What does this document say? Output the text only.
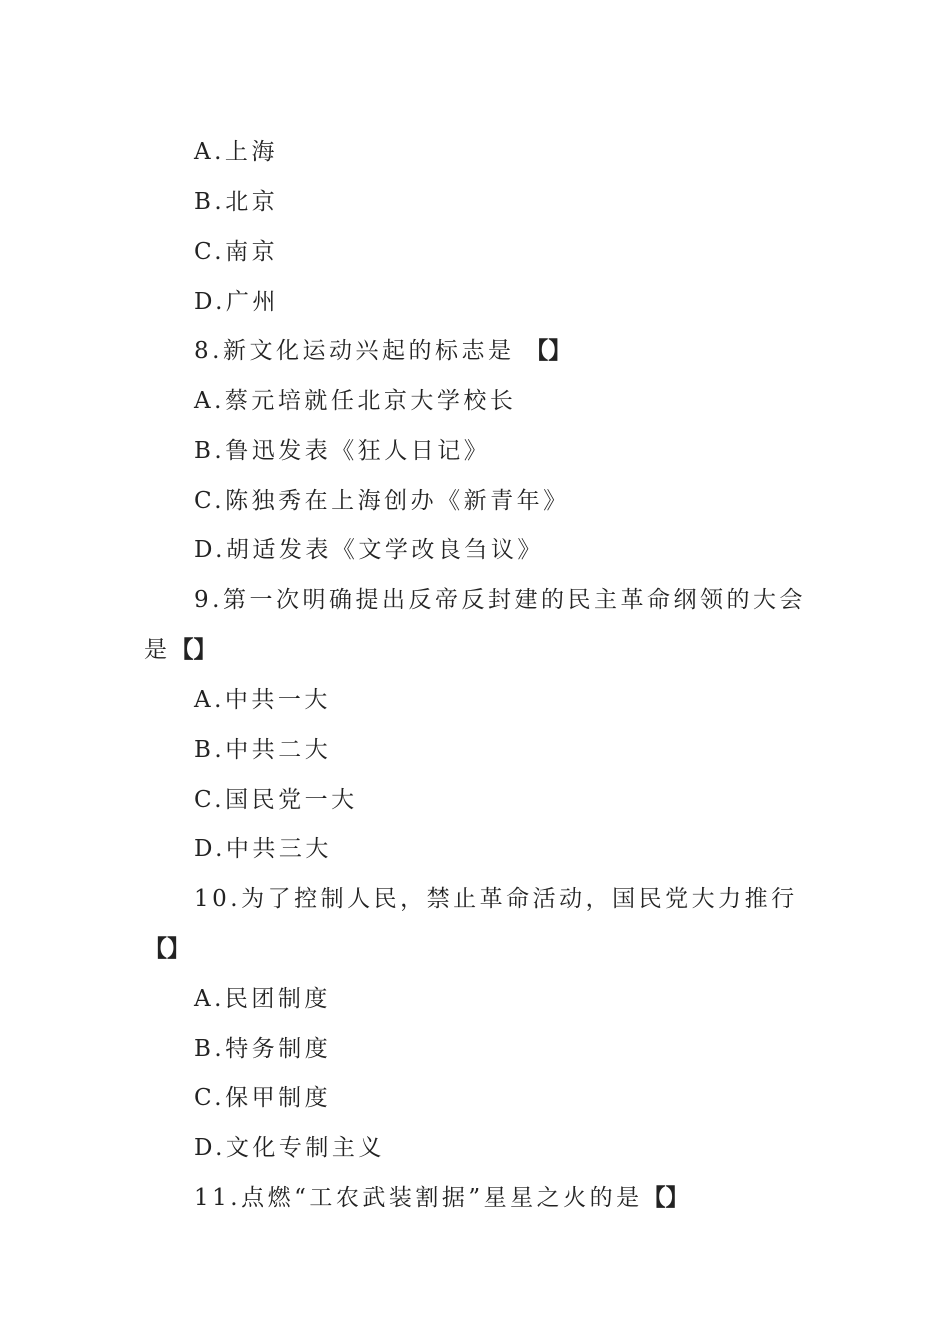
A.上海
B.北京
C.南京
D.广州
8.新文化运动兴起的标志是 【】
A.蔡元培就任北京大学校长
B.鲁迅发表《狂人日记》
C.陈独秀在上海创办《新青年》
D.胡适发表《文学改良刍议》
9.第一次明确提出反帝反封建的民主革命纲领的大会
是【】
A.中共一大
B.中共二大
C.国民党一大
D.中共三大
10.为了控制人民，禁止革命活动，国民党大力推行
【】
A.民团制度
B.特务制度
C.保甲制度
D.文化专制主义
11.点燃“工农武装割据”星星之火的是【】
